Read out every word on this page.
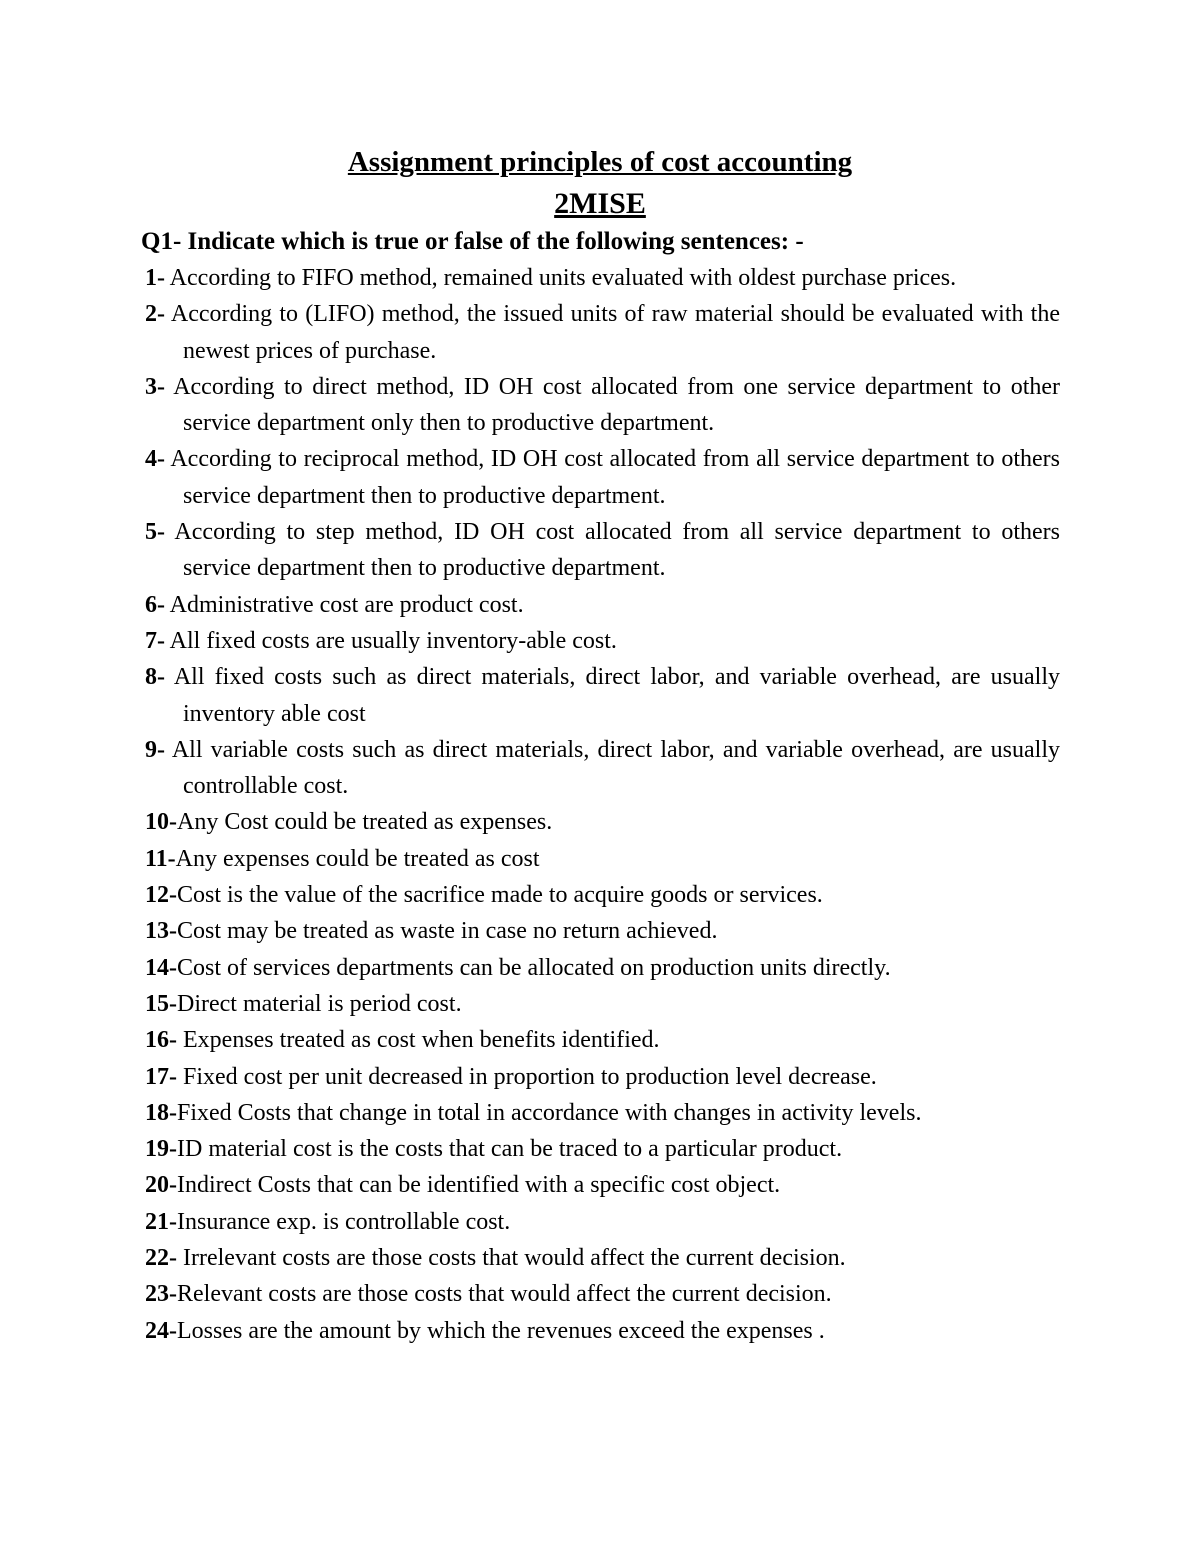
Assignment principles of cost accounting
2MISE
Q1- Indicate which is true or false of the following sentences: -
1- According to FIFO method, remained units evaluated with oldest purchase prices.
2- According to (LIFO) method, the issued units of raw material should be evaluated with the newest prices of purchase.
3- According to direct method, ID OH cost allocated from one service department to other service department only then to productive department.
4- According to reciprocal method, ID OH cost allocated from all service department to others service department then to productive department.
5- According to step method, ID OH cost allocated from all service department to others service department then to productive department.
6- Administrative cost are product cost.
7- All fixed costs are usually inventory-able cost.
8- All fixed costs such as direct materials, direct labor, and variable overhead, are usually inventory able cost
9- All variable costs such as direct materials, direct labor, and variable overhead, are usually controllable cost.
10-Any Cost could be treated as expenses.
11-Any expenses could be treated as cost
12-Cost is the value of the sacrifice made to acquire goods or services.
13-Cost may be treated as waste in case no return achieved.
14-Cost of services departments can be allocated on production units directly.
15-Direct material is period cost.
16- Expenses treated as cost when benefits identified.
17- Fixed cost per unit decreased in proportion to production level decrease.
18-Fixed Costs that change in total in accordance with changes in activity levels.
19-ID material cost is the costs that can be traced to a particular product.
20-Indirect Costs that can be identified with a specific cost object.
21-Insurance exp. is controllable cost.
22- Irrelevant costs are those costs that would affect the current decision.
23-Relevant costs are those costs that would affect the current decision.
24-Losses are the amount by which the revenues exceed the expenses .
